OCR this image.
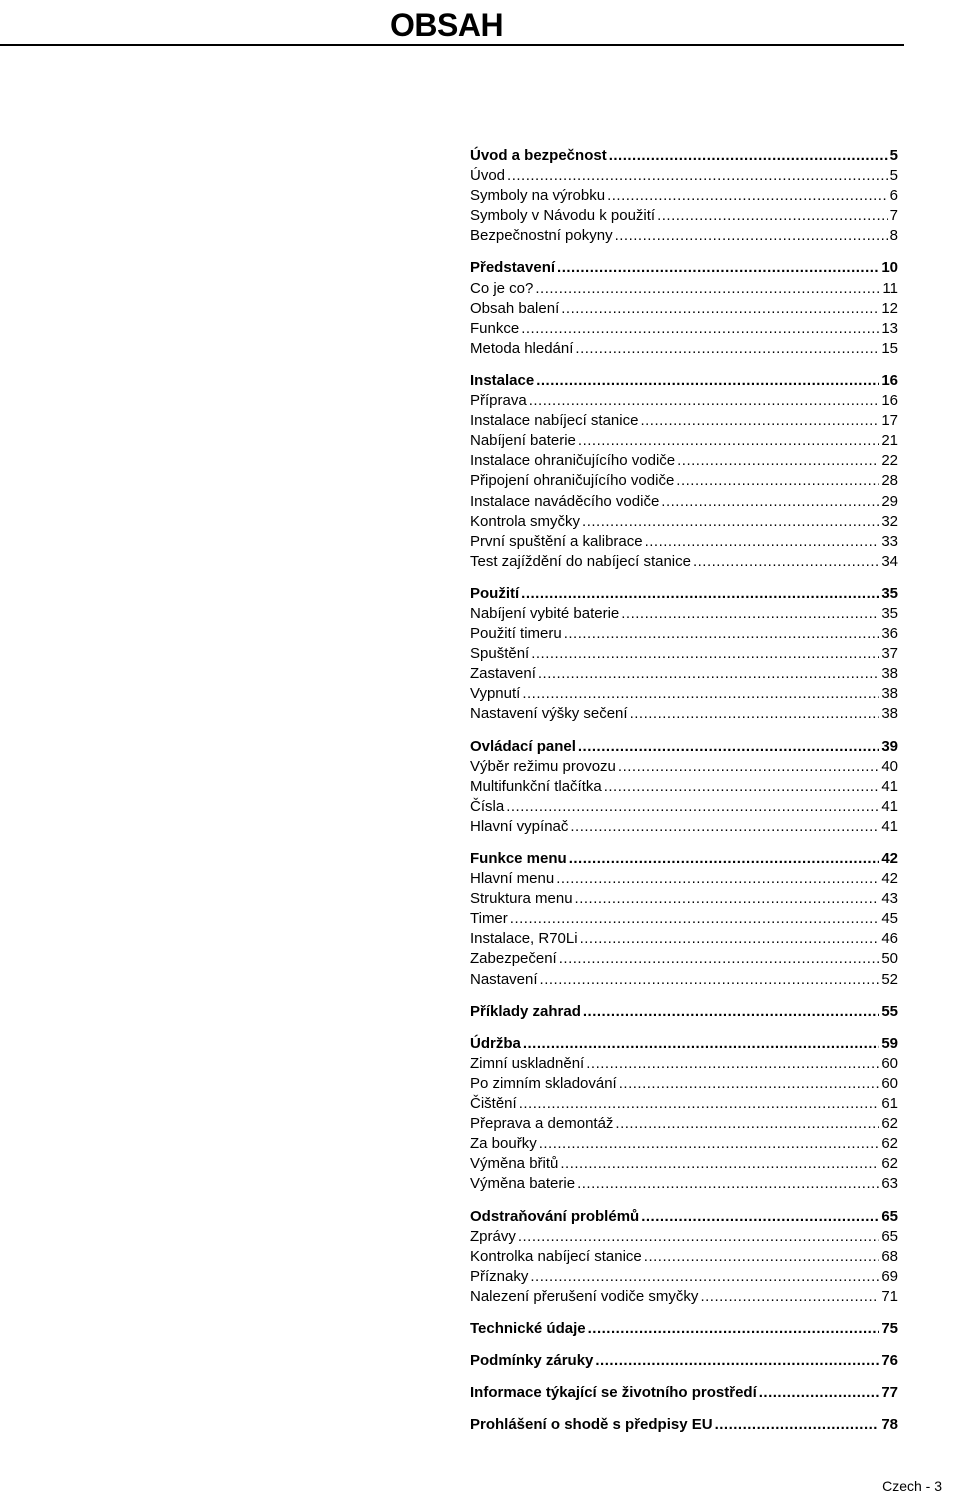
OBSAH
Úvod a bezpečnost .....	5
Úvod .....	5
Symboly na výrobku .....	6
Symboly v Návodu k použití .....	7
Bezpečnostní pokyny .....	8
Představení .....	10
Co je co? .....	11
Obsah balení .....	12
Funkce .....	13
Metoda hledání .....	15
Instalace .....	16
Příprava .....	16
Instalace nabíjecí stanice .....	17
Nabíjení baterie .....	21
Instalace ohraničujícího vodiče .....	22
Připojení ohraničujícího vodiče .....	28
Instalace naváděcího vodiče .....	29
Kontrola smyčky .....	32
První spuštění a kalibrace .....	33
Test zajíždění do nabíjecí stanice .....	34
Použití .....	35
Nabíjení vybité baterie .....	35
Použití timeru .....	36
Spuštění .....	37
Zastavení .....	38
Vypnutí .....	38
Nastavení výšky sečení .....	38
Ovládací panel .....	39
Výběr režimu provozu .....	40
Multifunkční tlačítka .....	41
Čísla .....	41
Hlavní vypínač .....	41
Funkce menu .....	42
Hlavní menu .....	42
Struktura menu .....	43
Timer .....	45
Instalace, R70Li .....	46
Zabezpečení .....	50
Nastavení .....	52
Příklady zahrad .....	55
Údržba .....	59
Zimní uskladnění .....	60
Po zimním skladování .....	60
Čištění .....	61
Přeprava a demontáž .....	62
Za bouřky .....	62
Výměna břitů .....	62
Výměna baterie .....	63
Odstraňování problémů .....	65
Zprávy .....	65
Kontrolka nabíjecí stanice .....	68
Příznaky .....	69
Nalezení přerušení vodiče smyčky .....	71
Technické údaje .....	75
Podmínky záruky .....	76
Informace týkající se životního prostředí .....	77
Prohlášení o shodě s předpisy EU .....	78
Czech - 3
